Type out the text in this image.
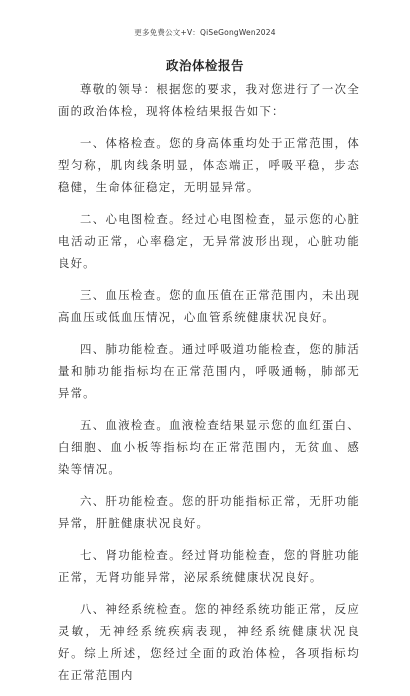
更多免费公文+V：QiSeGongWen2024
政治体检报告

尊敬的领导：根据您的要求，我对您进行了一次全面的政治体检，现将体检结果报告如下：

一、体格检查。您的身高体重均处于正常范围，体型匀称，肌肉线条明显，体态端正，呼吸平稳，步态稳健，生命体征稳定，无明显异常。

二、心电图检查。经过心电图检查，显示您的心脏电活动正常，心率稳定，无异常波形出现，心脏功能良好。

三、血压检查。您的血压值在正常范围内，未出现高血压或低血压情况，心血管系统健康状况良好。

四、肺功能检查。通过呼吸道功能检查，您的肺活量和肺功能指标均在正常范围内，呼吸通畅，肺部无异常。

五、血液检查。血液检查结果显示您的血红蛋白、白细胞、血小板等指标均在正常范围内，无贫血、感染等情况。

六、肝功能检查。您的肝功能指标正常，无肝功能异常，肝脏健康状况良好。

七、肾功能检查。经过肾功能检查，您的肾脏功能正常，无肾功能异常，泌尿系统健康状况良好。

八、神经系统检查。您的神经系统功能正常，反应灵敏，无神经系统疾病表现，神经系统健康状况良好。综上所述，您经过全面的政治体检，各项指标均在正常范围内
